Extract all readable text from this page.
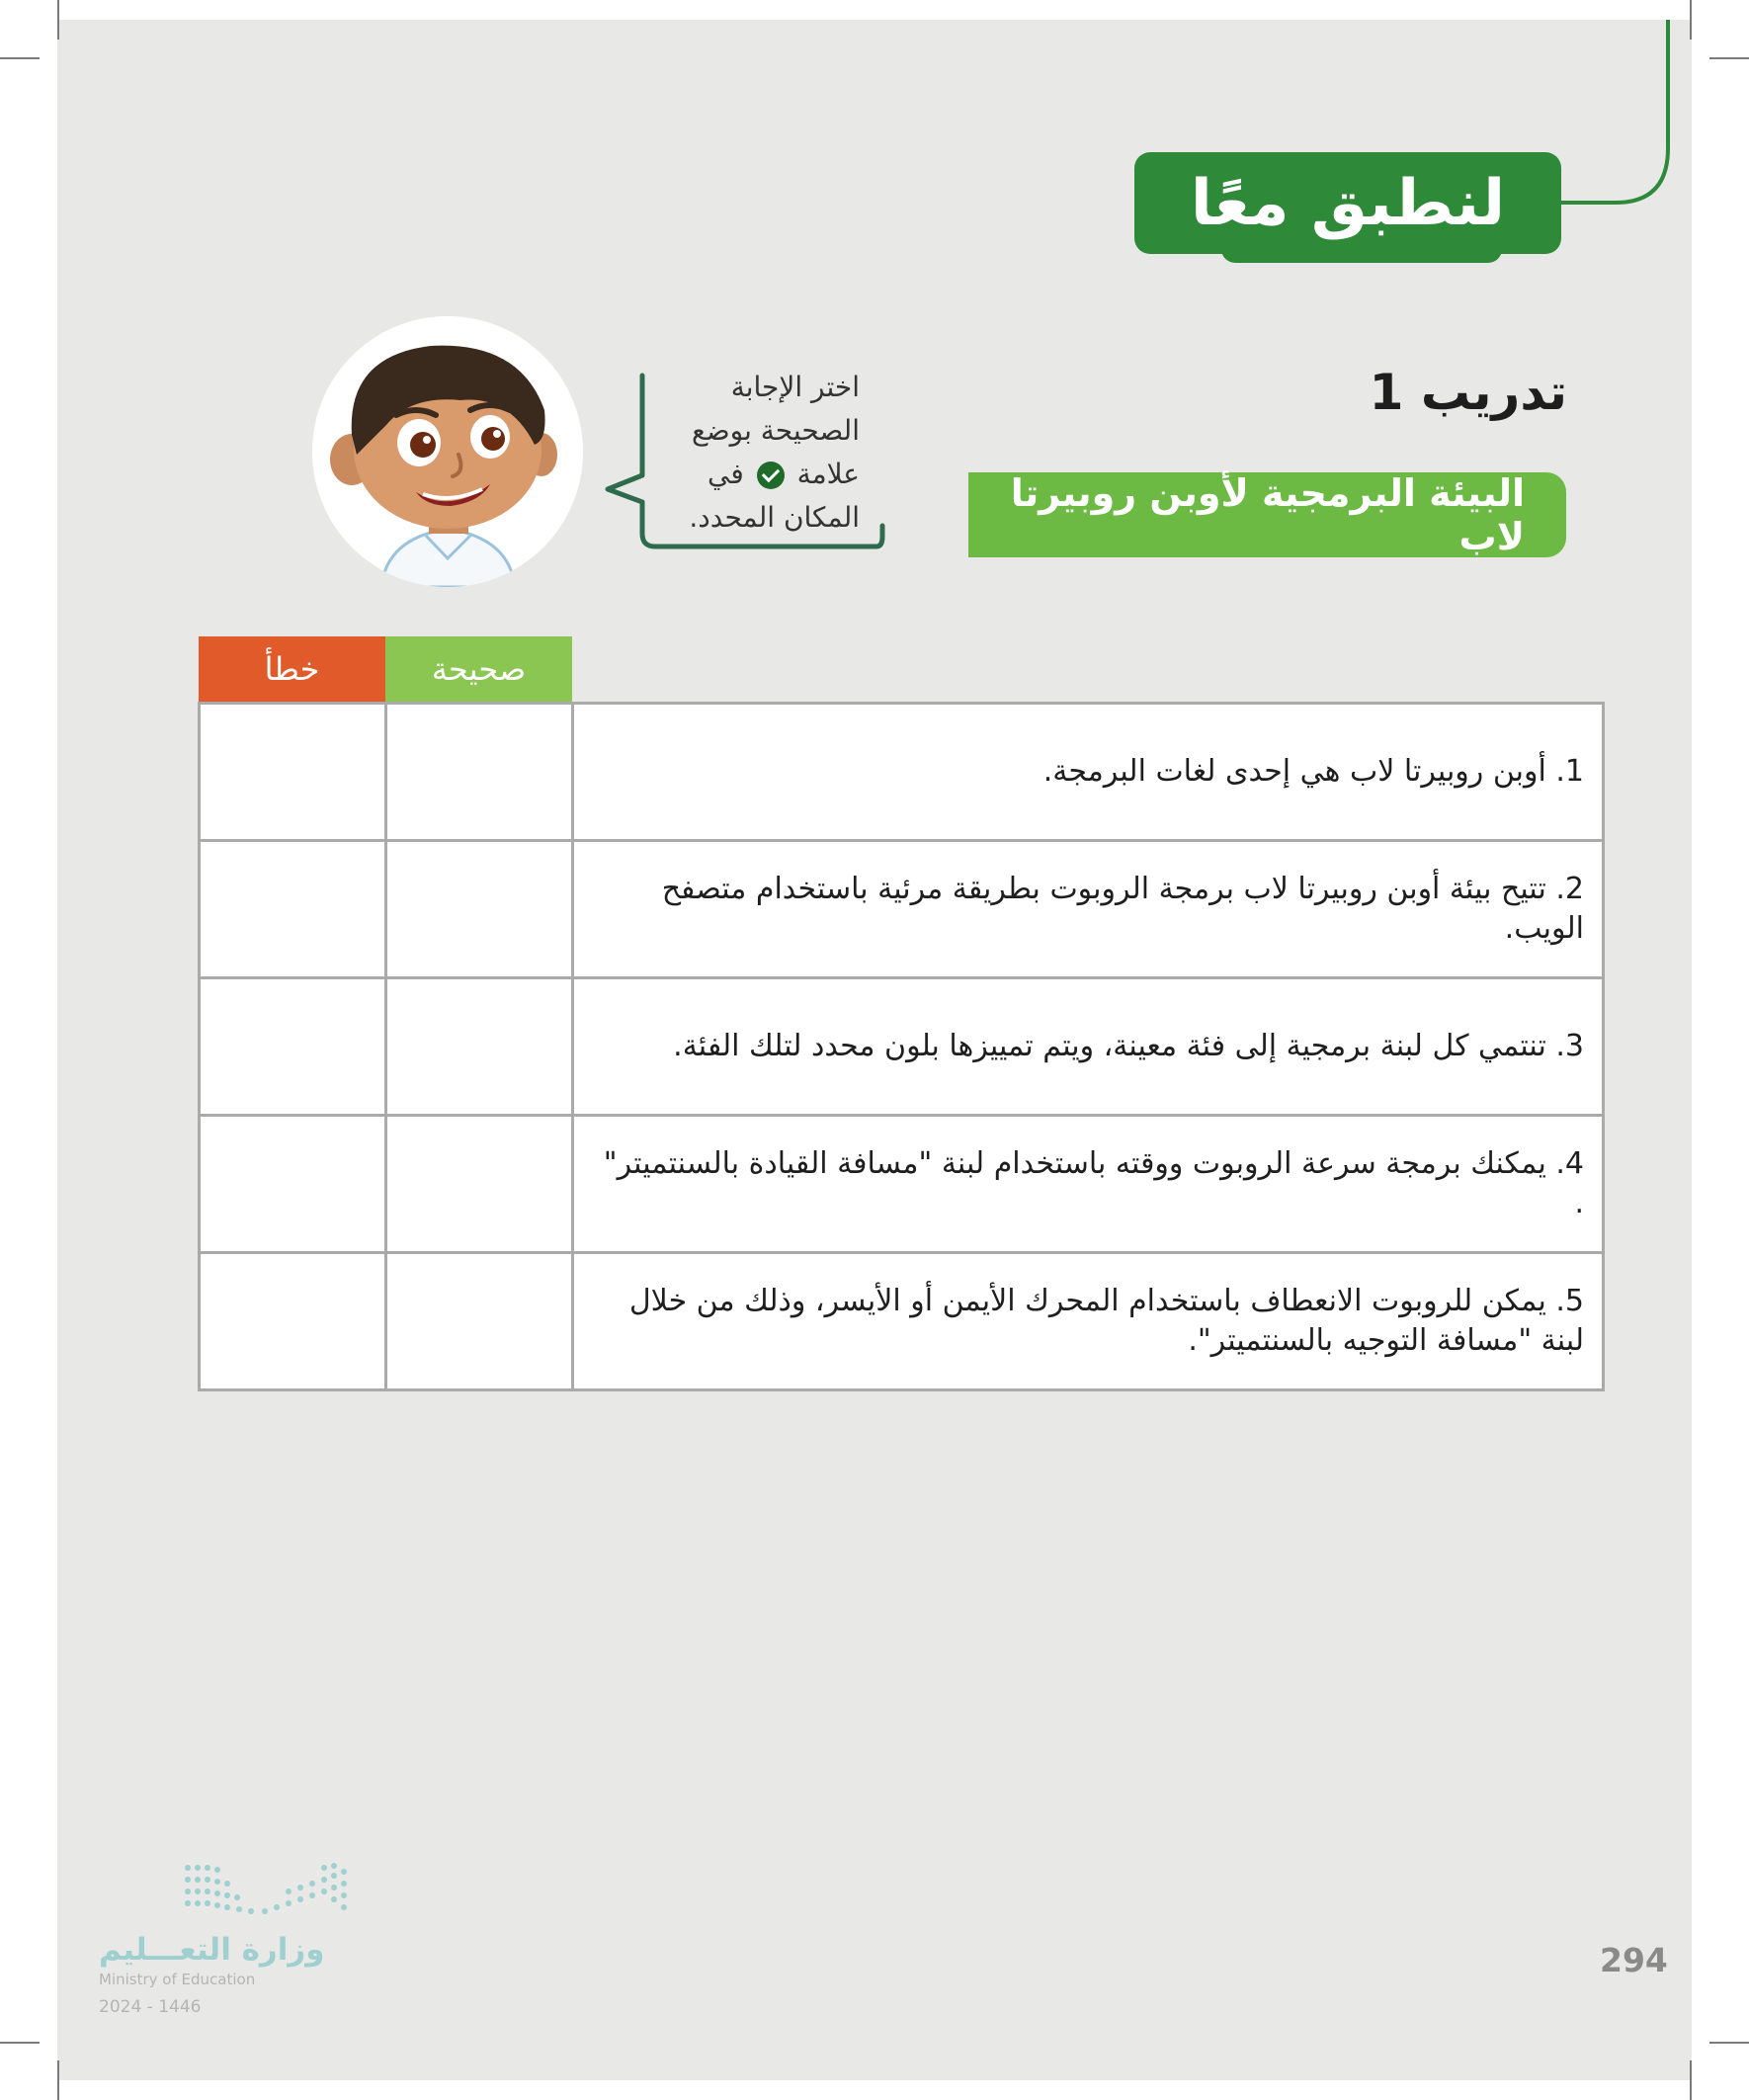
لنطبق معًا
تدريب 1
البيئة البرمجية لأوبن روبيرتا لاب
اختر الإجابة
الصحيحة بوضع
علامة  في
المكان المحدد.
صحيحة
خطأ
1. أوبن روبيرتا لاب هي إحدى لغات البرمجة.		
2. تتيح بيئة أوبن روبيرتا لاب برمجة الروبوت بطريقة مرئية باستخدام متصفح الويب.		
3. تنتمي كل لبنة برمجية إلى فئة معينة، ويتم تمييزها بلون محدد لتلك الفئة.		
4. يمكنك برمجة سرعة الروبوت ووقته باستخدام لبنة "مسافة القيادة بالسنتميتر" .		
5. يمكن للروبوت الانعطاف باستخدام المحرك الأيمن أو الأيسر، وذلك من خلال لبنة "مسافة التوجيه بالسنتميتر".		
وزارة التعـــليم
Ministry of Education
2024 - 1446
294
